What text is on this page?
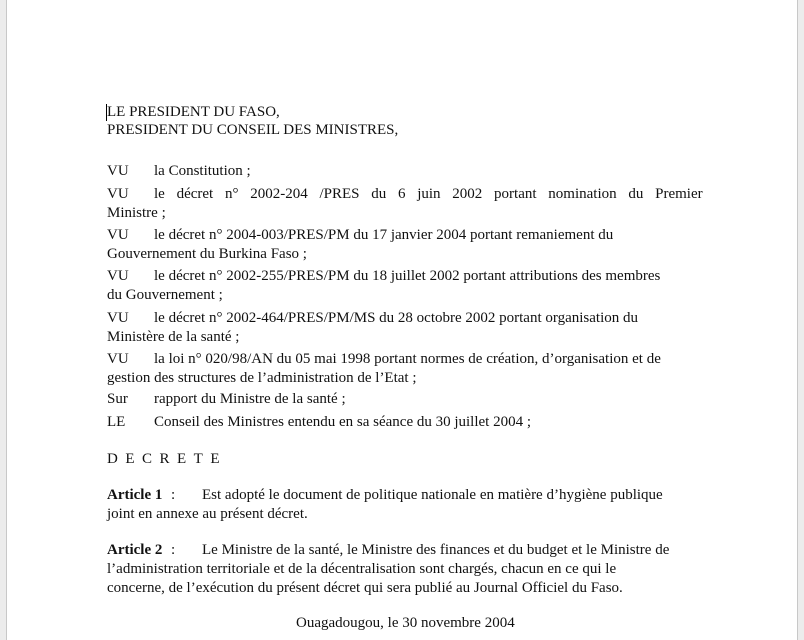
LE PRESIDENT DU FASO,
PRESIDENT DU CONSEIL DES MINISTRES,
VU la Constitution ;
VU le décret n° 2002-204 /PRES du 6 juin 2002 portant nomination du Premier
Ministre ;
VU le décret n° 2004-003/PRES/PM du 17 janvier 2004 portant remaniement du
Gouvernement du Burkina Faso ;
VU le décret n° 2002-255/PRES/PM du 18 juillet 2002 portant attributions des membres
du Gouvernement ;
VU le décret n° 2002-464/PRES/PM/MS du 28 octobre 2002 portant organisation du
Ministère de la santé ;
VU la loi n° 020/98/AN du 05 mai 1998 portant normes de création, d’organisation et de
gestion des structures de l’administration de l’Etat ;
Sur rapport du Ministre de la santé ;
LE Conseil des Ministres entendu en sa séance du 30 juillet 2004 ;
DECRETE
Article 1 : Est adopté le document de politique nationale en matière d’hygiène publique
joint en annexe au présent décret.
Article 2 : Le Ministre de la santé, le Ministre des finances et du budget et le Ministre de
l’administration territoriale et de la décentralisation sont chargés, chacun en ce qui le
concerne, de l’exécution du présent décret qui sera publié au Journal Officiel du Faso.
Ouagadougou, le 30 novembre 2004
